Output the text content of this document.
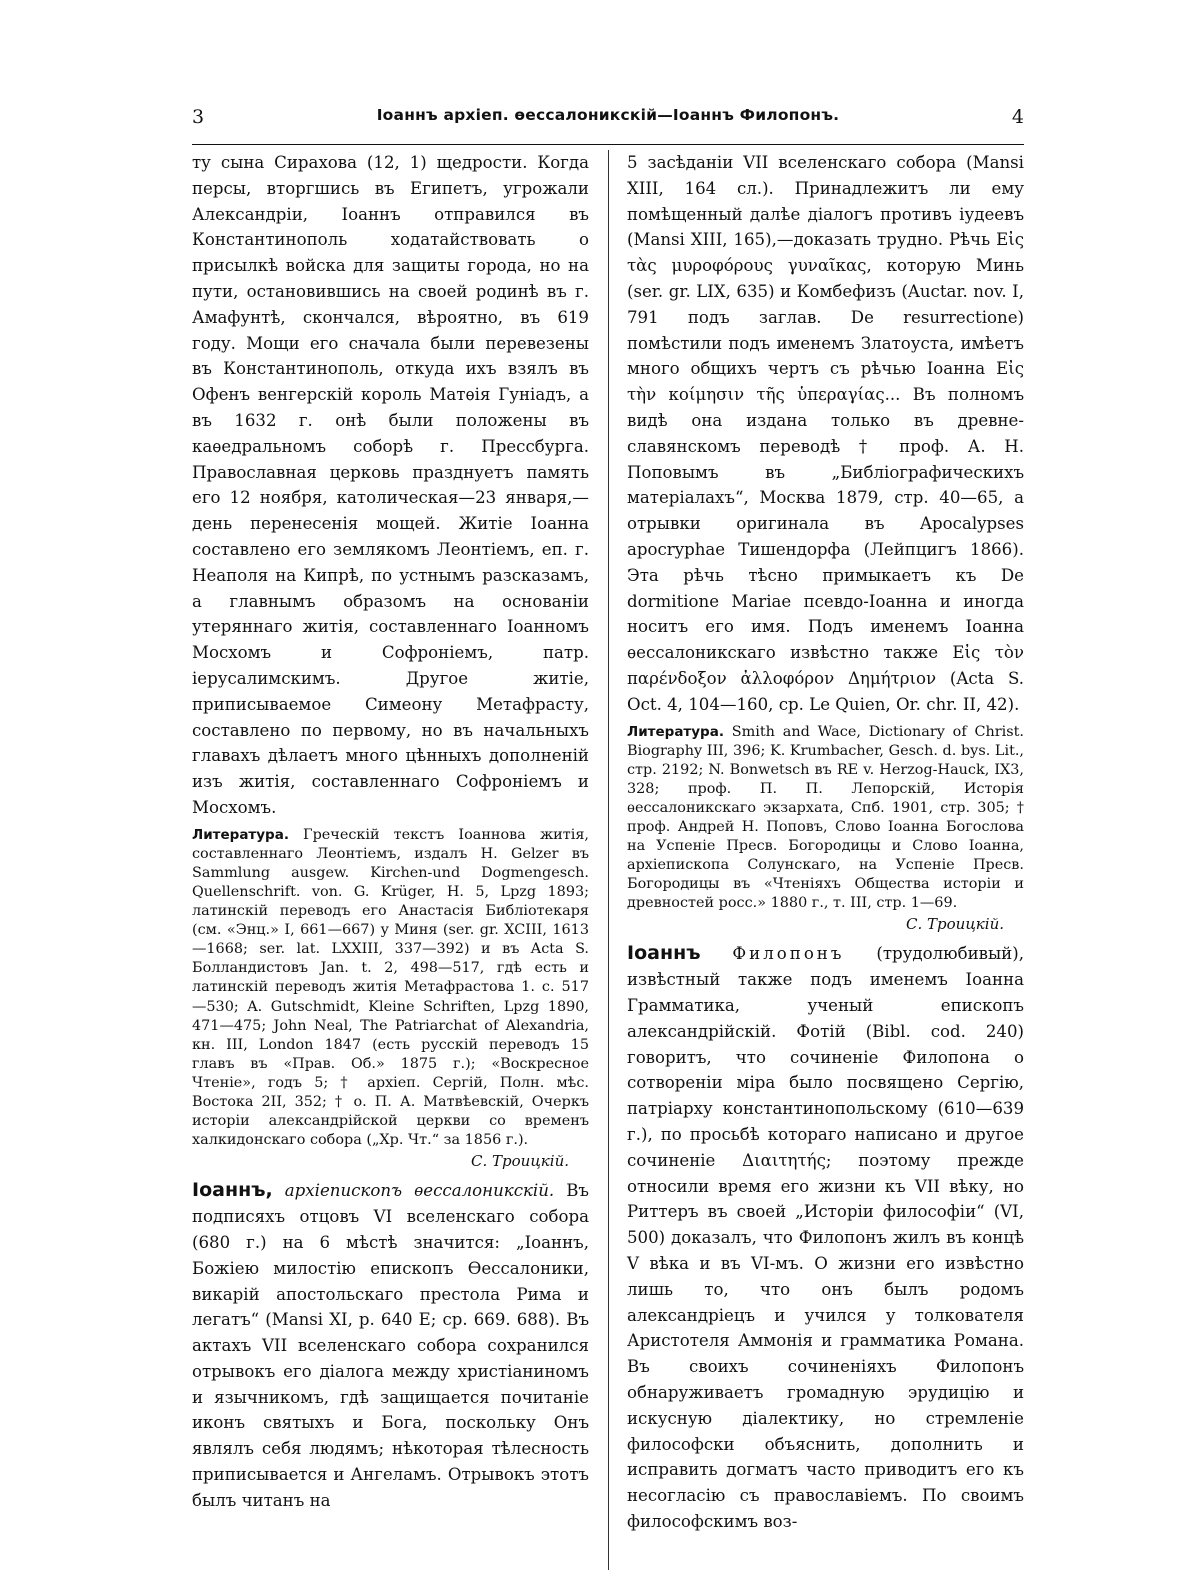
3	Іоаннъ архіеп. ѳессалоникскій—Іоаннъ Филопонъ.	4

ту сына Сирахова (12, 1) щедрости. Когда персы, вторгшись въ Египетъ, угрожали Александріи, Іоаннъ отправился въ Константинополь ходатайствовать о присылкѣ войска для защиты города, но на пути, остановившись на своей родинѣ въ г. Амафунтѣ, скончался, вѣроятно, въ 619 году. Мощи его сначала были перевезены въ Константинополь, откуда ихъ взялъ въ Офенъ венгерскій король Матѳія Гуніадъ, а въ 1632 г. онѣ были положены въ каѳедральномъ соборѣ г. Прессбурга. Православная церковь празднуетъ память его 12 ноября, католическая—23 января,—день перенесенія мощей. Житіе Іоанна составлено его землякомъ Леонтіемъ, еп. г. Неаполя на Кипрѣ, по устнымъ разсказамъ, а главнымъ образомъ на основаніи утеряннаго житія, составленнаго Іоанномъ Мосхомъ и Софроніемъ, патр. іерусалимскимъ. Другое житіе, приписываемое Симеону Метафрасту, составлено по первому, но въ начальныхъ главахъ дѣлаетъ много цѣнныхъ дополненій изъ житія, составленнаго Софроніемъ и Мосхомъ.

Литература. Греческій текстъ Іоаннова житія, составленнаго Леонтіемъ, издалъ H. Gelzer въ Sammlung ausgew. Kirchen-und Dogmengesch. Quellenschrift. von. G. Krüger, H. 5, Lpzg 1893; латинскій переводъ его Анастасія Библіотекаря (см. «Энц.» I, 661—667) у Миня (ser. gr. XCIII, 1613—1668; ser. lat. LXXIII, 337—392) и въ Acta S. Болландистовъ Jan. t. 2, 498—517, гдѣ есть и латинскій переводъ житія Метафрастова 1. с. 517—530; A. Gutschmidt, Kleine Schriften, Lpzg 1890, 471—475; John Neal, The Patriarchat of Alexandria, кн. III, London 1847 (есть русскій переводъ 15 главъ въ «Прав. Об.» 1875 г.); «Воскресное Чтеніе», годъ 5; † архіеп. Сергій, Полн. мѣс. Востока 2II, 352; † о. П. А. Матвѣевскій, Очеркъ исторіи александрійской церкви со временъ халкидонскаго собора („Хр. Чт.“ за 1856 г.).

С. Троицкій.

Іоаннъ, архіепископъ ѳессалоникскій. Въ подписяхъ отцовъ VI вселенскаго собора (680 г.) на 6 мѣстѣ значится: „Іоаннъ, Божіею милостію епископъ Ѳессалоники, викарій апостольскаго престола Рима и легатъ“ (Mansi XI, р. 640 E; ср. 669. 688). Въ актахъ VII вселенскаго собора сохранился отрывокъ его діалога между христіаниномъ и язычникомъ, гдѣ защищается почитаніе иконъ святыхъ и Бога, поскольку Онъ являлъ себя людямъ; нѣкоторая тѣлесность приписывается и Ангеламъ. Отрывокъ этотъ былъ читанъ на

5 засѣданіи VII вселенскаго собора (Mansi XIII, 164 сл.). Принадлежитъ ли ему помѣщенный далѣе діалогъ противъ іудеевъ (Mansi XIII, 165),—доказать трудно. Рѣчь Εἰς τὰς μυροφόρους γυναῖκας, которую Минь (ser. gr. LIX, 635) и Комбефизъ (Auctar. nov. I, 791 подъ заглав. De resurrectione) помѣстили подъ именемъ Златоуста, имѣетъ много общихъ чертъ съ рѣчью Іоанна Εἰς τὴν κοίμησιν τῆς ὑπεραγίας... Въ полномъ видѣ она издана только въ древне-славянскомъ переводѣ † проф. А. Н. Поповымъ въ „Библіографическихъ матеріалахъ“, Москва 1879, стр. 40—65, а отрывки оригинала въ Apocalypses apocryphae Тишендорфа (Лейпцигъ 1866). Эта рѣчь тѣсно примыкаетъ къ De dormitione Mariae псевдо-Іоанна и иногда носитъ его имя. Подъ именемъ Іоанна ѳессалоникскаго извѣстно также Εἰς τὸν παρένδοξον ἀλλοφόρον Δημήτριον (Acta S. Oct. 4, 104—160, ср. Le Quien, Or. chr. II, 42).

Литература. Smith and Wace, Dictionary of Christ. Biography III, 396; K. Krumbacher, Gesch. d. bys. Lit., стр. 2192; N. Bonwetsch въ RE v. Herzog-Hauck, IX3, 328; проф. П. П. Лепорскій, Исторія ѳессалоникскаго экзархата, Спб. 1901, стр. 305; † проф. Андрей Н. Поповъ, Слово Іоанна Богослова на Успеніе Пресв. Богородицы и Слово Іоанна, архіепископа Солунскаго, на Успеніе Пресв. Богородицы въ «Чтеніяхъ Общества исторіи и древностей росс.» 1880 г., т. III, стр. 1—69.

С. Троицкій.

Іоаннъ Филопонъ (трудолюбивый), извѣстный также подъ именемъ Іоанна Грамматика, ученый епископъ александрійскій. Фотій (Bibl. cod. 240) говоритъ, что сочиненіе Филопона о сотвореніи міра было посвящено Сергію, патріарху константинопольскому (610—639 г.), по просьбѣ котораго написано и другое сочиненіе Διαιτητής; поэтому прежде относили время его жизни къ VII вѣку, но Риттеръ въ своей „Исторіи философіи“ (VI, 500) доказалъ, что Филопонъ жилъ въ концѣ V вѣка и въ VI-мъ. О жизни его извѣстно лишь то, что онъ былъ родомъ александріецъ и учился у толкователя Аристотеля Аммонія и грамматика Романа. Въ своихъ сочиненіяхъ Филопонъ обнаруживаетъ громадную эрудицію и искусную діалектику, но стремленіе философски объяснить, дополнить и исправить догматъ часто приводитъ его къ несогласію съ православіемъ. По своимъ философскимъ воз-
